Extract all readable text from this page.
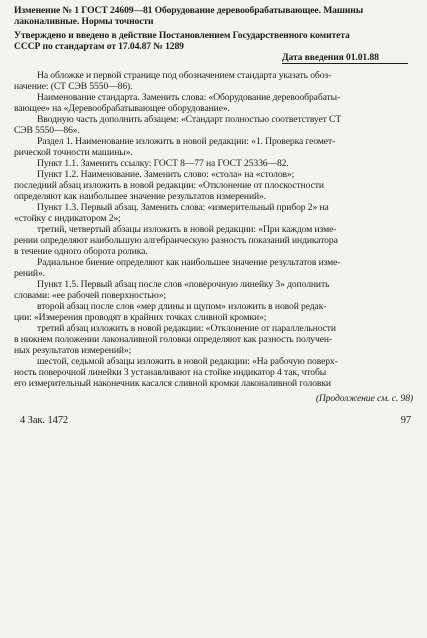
Изменение № 1 ГОСТ 24609—81 Оборудование деревообрабатывающее. Машины
лаконаливные. Нормы точности
Утверждено и введено в действие Постановлением Государственного комитета
СССР по стандартам от 17.04.87 № 1289
Дата введения 01.01.88
На обложке и первой странице под обозначением стандарта указать обоз-
начение: (СТ СЭВ 5550—86).
Наименование стандарта. Заменить слова: «Оборудование деревообрабаты-
вающее» на «Деревообрабатывающее оборудование».
Вводную часть дополнить абзацем: «Стандарт полностью соответствует СТ
СЭВ 5550—86».
Раздел 1. Наименование изложить в новой редакции: «1. Проверка геомет-
рической точности машины».
Пункт 1.1. Заменить ссылку: ГОСТ 8—77 на ГОСТ 25336—82.
Пункт 1.2. Наименование. Заменить слово: «стола» на «столов»;
последний абзац изложить в новой редакции: «Отклонение от плоскостности
определяют как наибольшее значение результатов измерений».
Пункт 1.3. Первый абзац. Заменить слова: «измерительный прибор 2» на
«стойку с индикатором 2»;
третий, четвертый абзацы изложить в новой редакции: «При каждом изме-
рении определяют наибольшую алгебраическую разность показаний индикатора
в течение одного оборота ролика.
Радиальное биение определяют как наибольшее значение результатов изме-
рений».
Пункт 1.5. Первый абзац после слов «поверочную линейку 3» дополнить
словами: «ее рабочей поверхностью»;
второй абзац после слов «мер длины и щупом» изложить в новой редак-
ции: «Измерения проводят в крайних точках сливной кромки»;
третий абзац изложить в новой редакции: «Отклонение от параллельности
в нижнем положении лаконаливной головки определяют как разность получен-
ных результатов измерений»;
шестой, седьмой абзацы изложить в новой редакции: «На рабочую поверх-
ность поверочной линейки 3 устанавливают на стойке индикатор 4 так, чтобы
его измерительный наконечник касался сливной кромки лаконаливной головки
(Продолжение см. с. 98)
4 Зак. 1472	97
